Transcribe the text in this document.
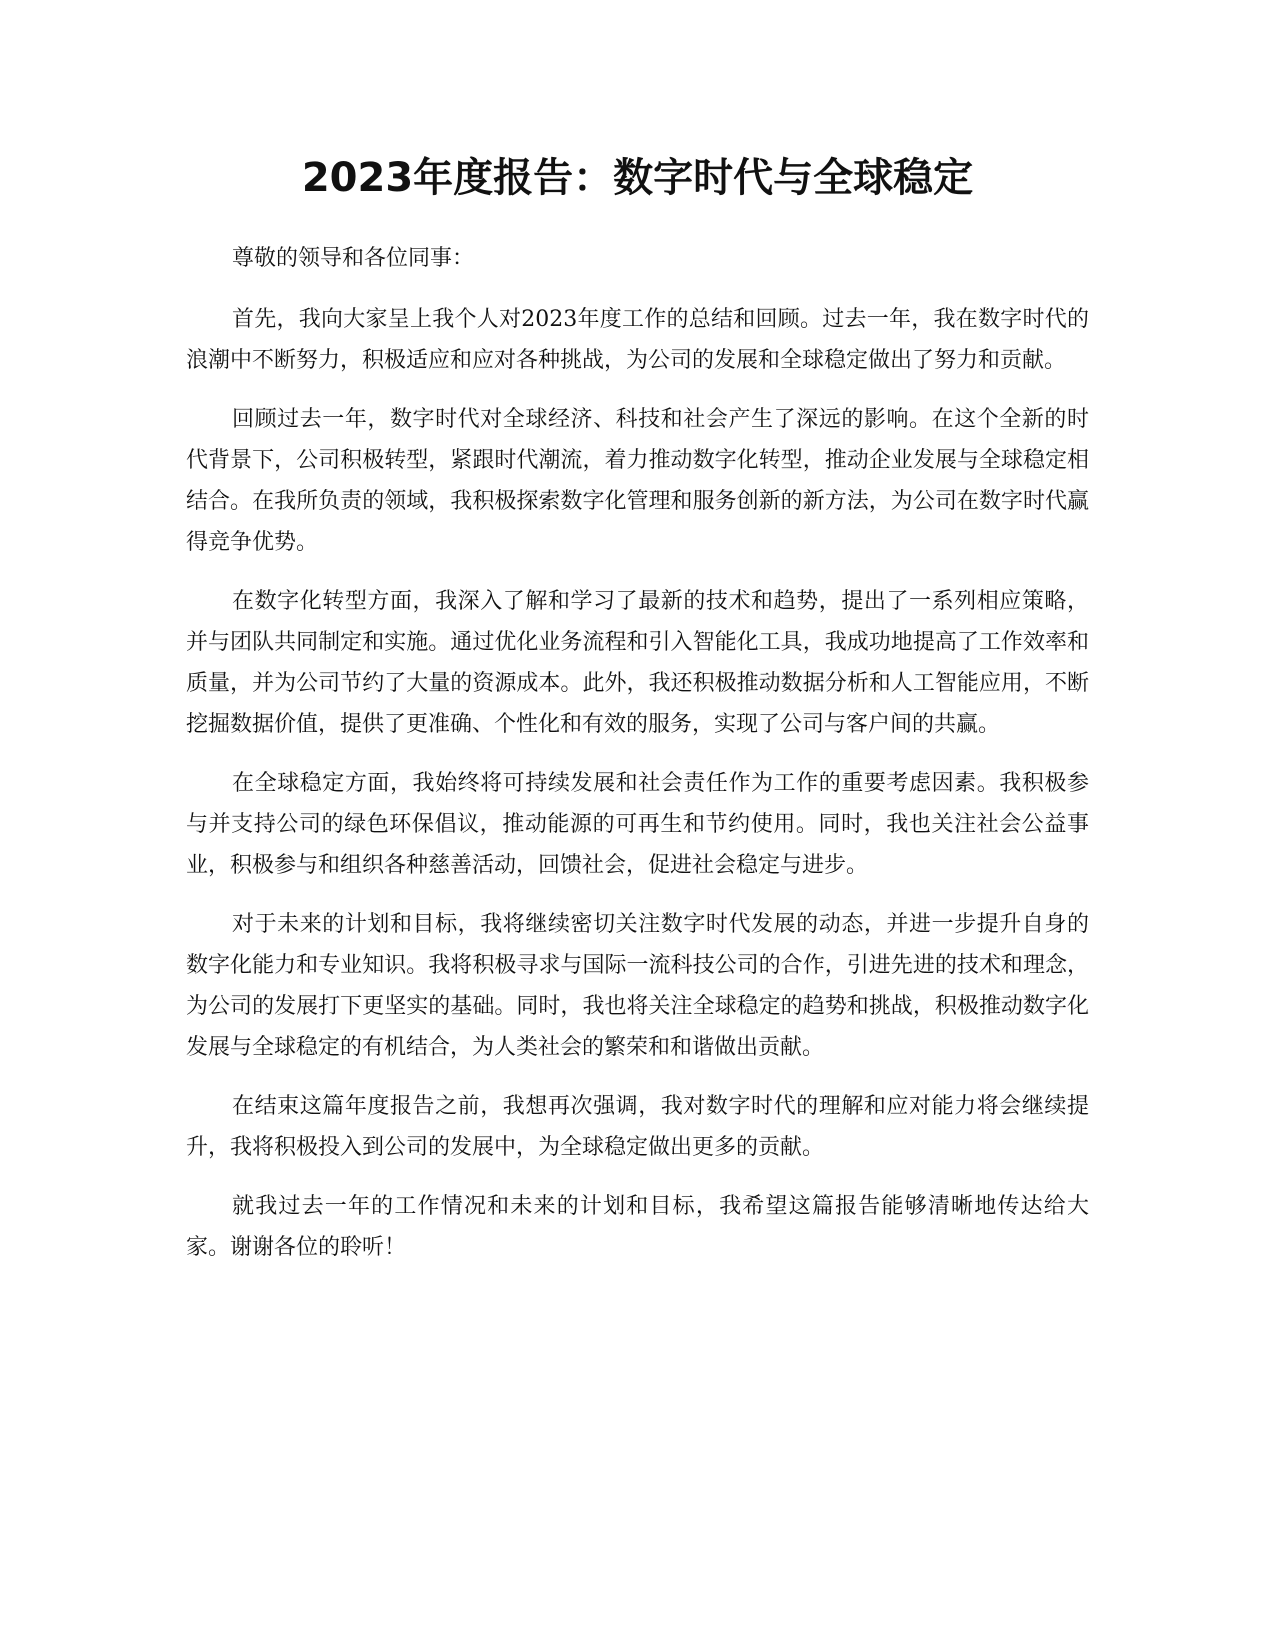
2023年度报告：数字时代与全球稳定

尊敬的领导和各位同事：

首先，我向大家呈上我个人对2023年度工作的总结和回顾。过去一年，我在数字时代的浪潮中不断努力，积极适应和应对各种挑战，为公司的发展和全球稳定做出了努力和贡献。

回顾过去一年，数字时代对全球经济、科技和社会产生了深远的影响。在这个全新的时代背景下，公司积极转型，紧跟时代潮流，着力推动数字化转型，推动企业发展与全球稳定相结合。在我所负责的领域，我积极探索数字化管理和服务创新的新方法，为公司在数字时代赢得竞争优势。

在数字化转型方面，我深入了解和学习了最新的技术和趋势，提出了一系列相应策略，并与团队共同制定和实施。通过优化业务流程和引入智能化工具，我成功地提高了工作效率和质量，并为公司节约了大量的资源成本。此外，我还积极推动数据分析和人工智能应用，不断挖掘数据价值，提供了更准确、个性化和有效的服务，实现了公司与客户间的共赢。

在全球稳定方面，我始终将可持续发展和社会责任作为工作的重要考虑因素。我积极参与并支持公司的绿色环保倡议，推动能源的可再生和节约使用。同时，我也关注社会公益事业，积极参与和组织各种慈善活动，回馈社会，促进社会稳定与进步。

对于未来的计划和目标，我将继续密切关注数字时代发展的动态，并进一步提升自身的数字化能力和专业知识。我将积极寻求与国际一流科技公司的合作，引进先进的技术和理念，为公司的发展打下更坚实的基础。同时，我也将关注全球稳定的趋势和挑战，积极推动数字化发展与全球稳定的有机结合，为人类社会的繁荣和和谐做出贡献。

在结束这篇年度报告之前，我想再次强调，我对数字时代的理解和应对能力将会继续提升，我将积极投入到公司的发展中，为全球稳定做出更多的贡献。

就我过去一年的工作情况和未来的计划和目标，我希望这篇报告能够清晰地传达给大家。谢谢各位的聆听！
